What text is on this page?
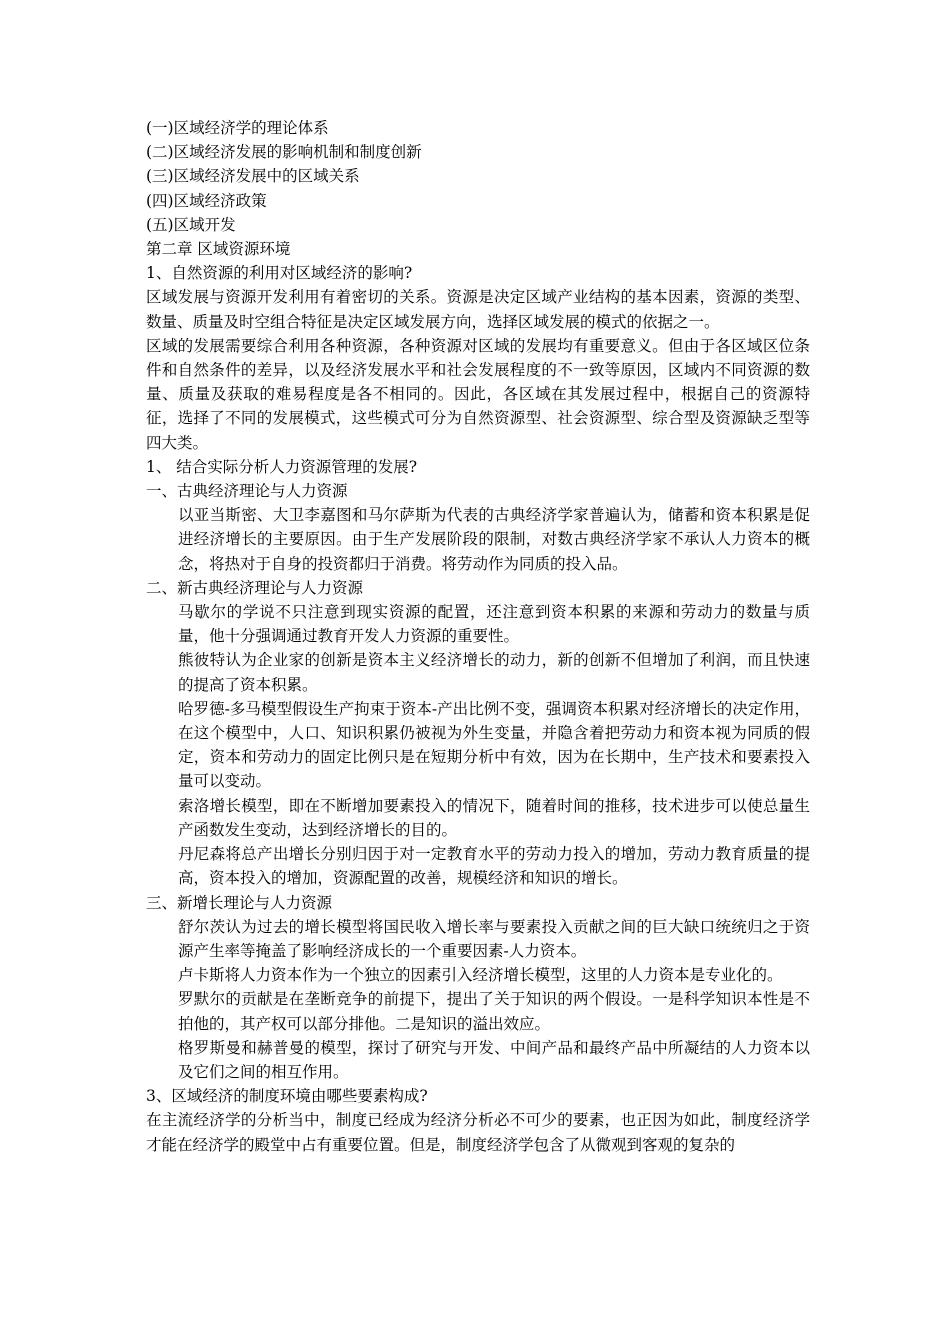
(一)区域经济学的理论体系

(二)区域经济发展的影响机制和制度创新

(三)区域经济发展中的区域关系

(四)区域经济政策

(五)区域开发

第二章 区域资源环境

1、自然资源的利用对区域经济的影响?

区域发展与资源开发利用有着密切的关系。资源是决定区域产业结构的基本因素，资源的类型、数量、质量及时空组合特征是决定区域发展方向，选择区域发展的模式的依据之一。

区域的发展需要综合利用各种资源，各种资源对区域的发展均有重要意义。但由于各区域区位条件和自然条件的差异，以及经济发展水平和社会发展程度的不一致等原因，区域内不同资源的数量、质量及获取的难易程度是各不相同的。因此，各区域在其发展过程中，根据自己的资源特征，选择了不同的发展模式，这些模式可分为自然资源型、社会资源型、综合型及资源缺乏型等四大类。

1、 结合实际分析人力资源管理的发展?

一、古典经济理论与人力资源

以亚当斯密、大卫李嘉图和马尔萨斯为代表的古典经济学家普遍认为，储蓄和资本积累是促进经济增长的主要原因。由于生产发展阶段的限制，对数古典经济学家不承认人力资本的概念，将热对于自身的投资都归于消费。将劳动作为同质的投入品。

二、新古典经济理论与人力资源

马歇尔的学说不只注意到现实资源的配置，还注意到资本积累的来源和劳动力的数量与质量，他十分强调通过教育开发人力资源的重要性。

熊彼特认为企业家的创新是资本主义经济增长的动力，新的创新不但增加了利润，而且快速的提高了资本积累。

哈罗德-多马模型假设生产拘束于资本-产出比例不变，强调资本积累对经济增长的决定作用，在这个模型中，人口、知识积累仍被视为外生变量，并隐含着把劳动力和资本视为同质的假定，资本和劳动力的固定比例只是在短期分析中有效，因为在长期中，生产技术和要素投入量可以变动。

索洛增长模型，即在不断增加要素投入的情况下，随着时间的推移，技术进步可以使总量生产函数发生变动，达到经济增长的目的。

丹尼森将总产出增长分别归因于对一定教育水平的劳动力投入的增加，劳动力教育质量的提高，资本投入的增加，资源配置的改善，规模经济和知识的增长。

三、新增长理论与人力资源

舒尔茨认为过去的增长模型将国民收入增长率与要素投入贡献之间的巨大缺口统统归之于资源产生率等掩盖了影响经济成长的一个重要因素-人力资本。

卢卡斯将人力资本作为一个独立的因素引入经济增长模型，这里的人力资本是专业化的。

罗默尔的贡献是在垄断竞争的前提下，提出了关于知识的两个假设。一是科学知识本性是不拍他的，其产权可以部分排他。二是知识的溢出效应。

格罗斯曼和赫普曼的模型，探讨了研究与开发、中间产品和最终产品中所凝结的人力资本以及它们之间的相互作用。

3、区域经济的制度环境由哪些要素构成?

在主流经济学的分析当中，制度已经成为经济分析必不可少的要素，也正因为如此，制度经济学才能在经济学的殿堂中占有重要位置。但是，制度经济学包含了从微观到客观的复杂的
